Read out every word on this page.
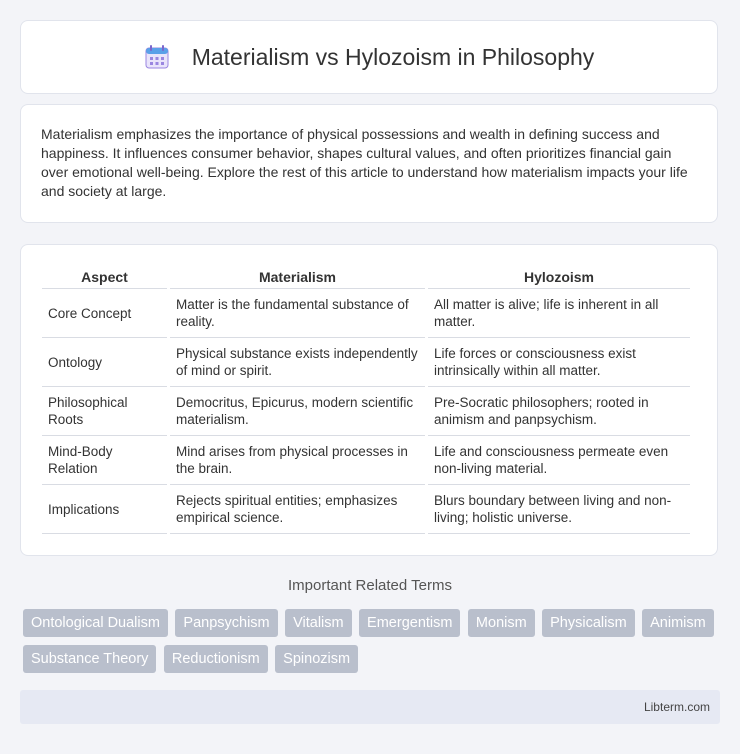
Materialism vs Hylozoism in Philosophy

Materialism emphasizes the importance of physical possessions and wealth in defining success and happiness. It influences consumer behavior, shapes cultural values, and often prioritizes financial gain over emotional well-being. Explore the rest of this article to understand how materialism impacts your life and society at large.

Aspect	Materialism	Hylozoism
Core Concept	Matter is the fundamental substance of reality.	All matter is alive; life is inherent in all matter.
Ontology	Physical substance exists independently of mind or spirit.	Life forces or consciousness exist intrinsically within all matter.
Philosophical Roots	Democritus, Epicurus, modern scientific materialism.	Pre-Socratic philosophers; rooted in animism and panpsychism.
Mind-Body Relation	Mind arises from physical processes in the brain.	Life and consciousness permeate even non-living material.
Implications	Rejects spiritual entities; emphasizes empirical science.	Blurs boundary between living and non-living; holistic universe.
Important Related Terms
Ontological Dualism Panpsychism Vitalism Emergentism Monism Physicalism Animism Substance Theory Reductionism Spinozism
Libterm.com
